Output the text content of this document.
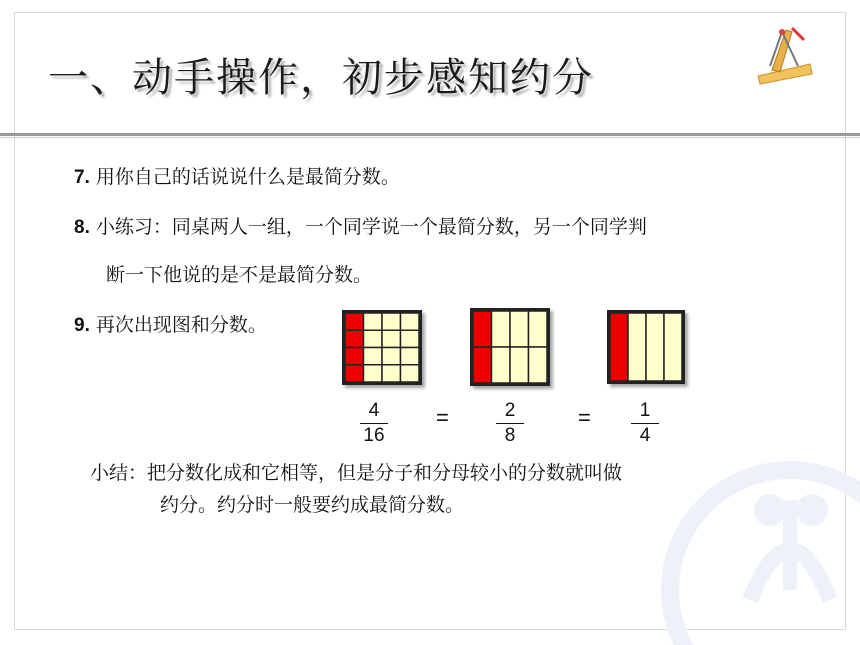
一、动手操作，初步感知约分
7. 用你自己的话说说什么是最简分数。
8. 小练习：同桌两人一组，一个同学说一个最简分数，另一个同学判
断一下他说的是不是最简分数。
9. 再次出现图和分数。
4
16
=	2
8
=	1
4
小结：把分数化成和它相等，但是分子和分母较小的分数就叫做
约分。约分时一般要约成最简分数。
